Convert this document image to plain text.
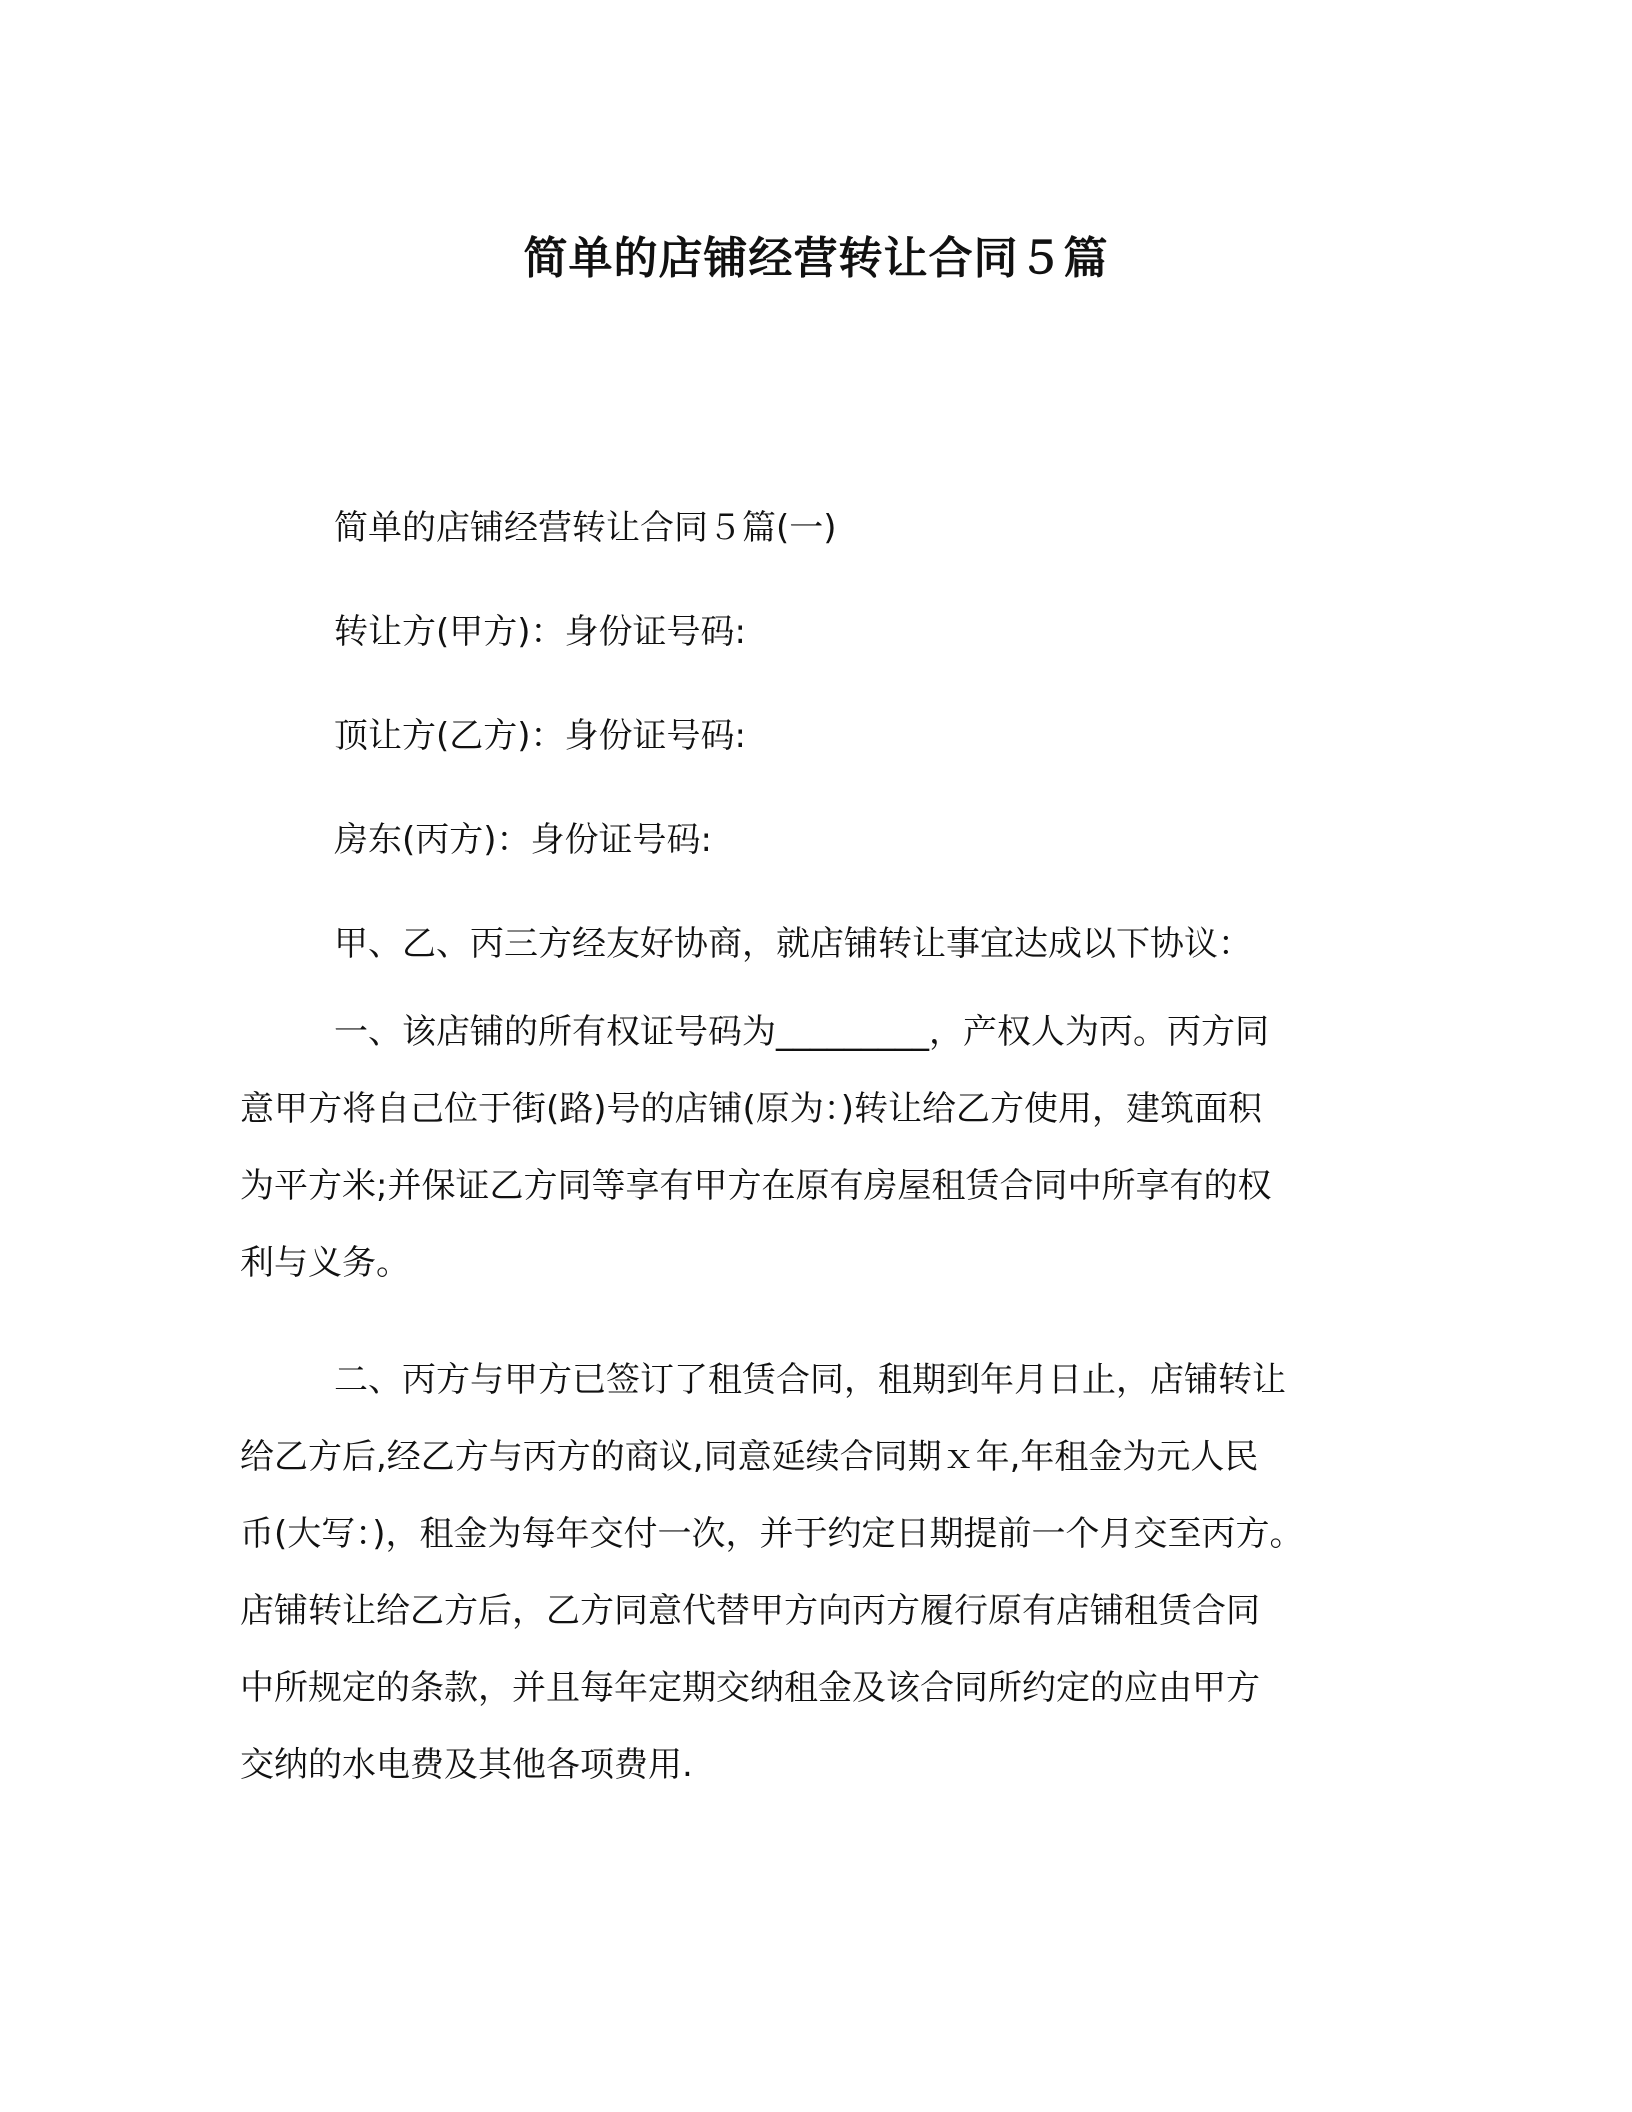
简单的店铺经营转让合同５篇

简单的店铺经营转让合同５篇(一)

转让方(甲方)：身份证号码:

顶让方(乙方)：身份证号码:

房东(丙方)：身份证号码:

甲、乙、丙三方经友好协商，就店铺转让事宜达成以下协议：

一、该店铺的所有权证号码为_________，产权人为丙。丙方同
意甲方将自己位于街(路)号的店铺(原为：)转让给乙方使用，建筑面积
为平方米;并保证乙方同等享有甲方在原有房屋租赁合同中所享有的权
利与义务。

二、丙方与甲方已签订了租赁合同，租期到年月日止，店铺转让
给乙方后,经乙方与丙方的商议,同意延续合同期ｘ年,年租金为元人民
币(大写：)，租金为每年交付一次，并于约定日期提前一个月交至丙方。
店铺转让给乙方后，乙方同意代替甲方向丙方履行原有店铺租赁合同
中所规定的条款，并且每年定期交纳租金及该合同所约定的应由甲方
交纳的水电费及其他各项费用.
